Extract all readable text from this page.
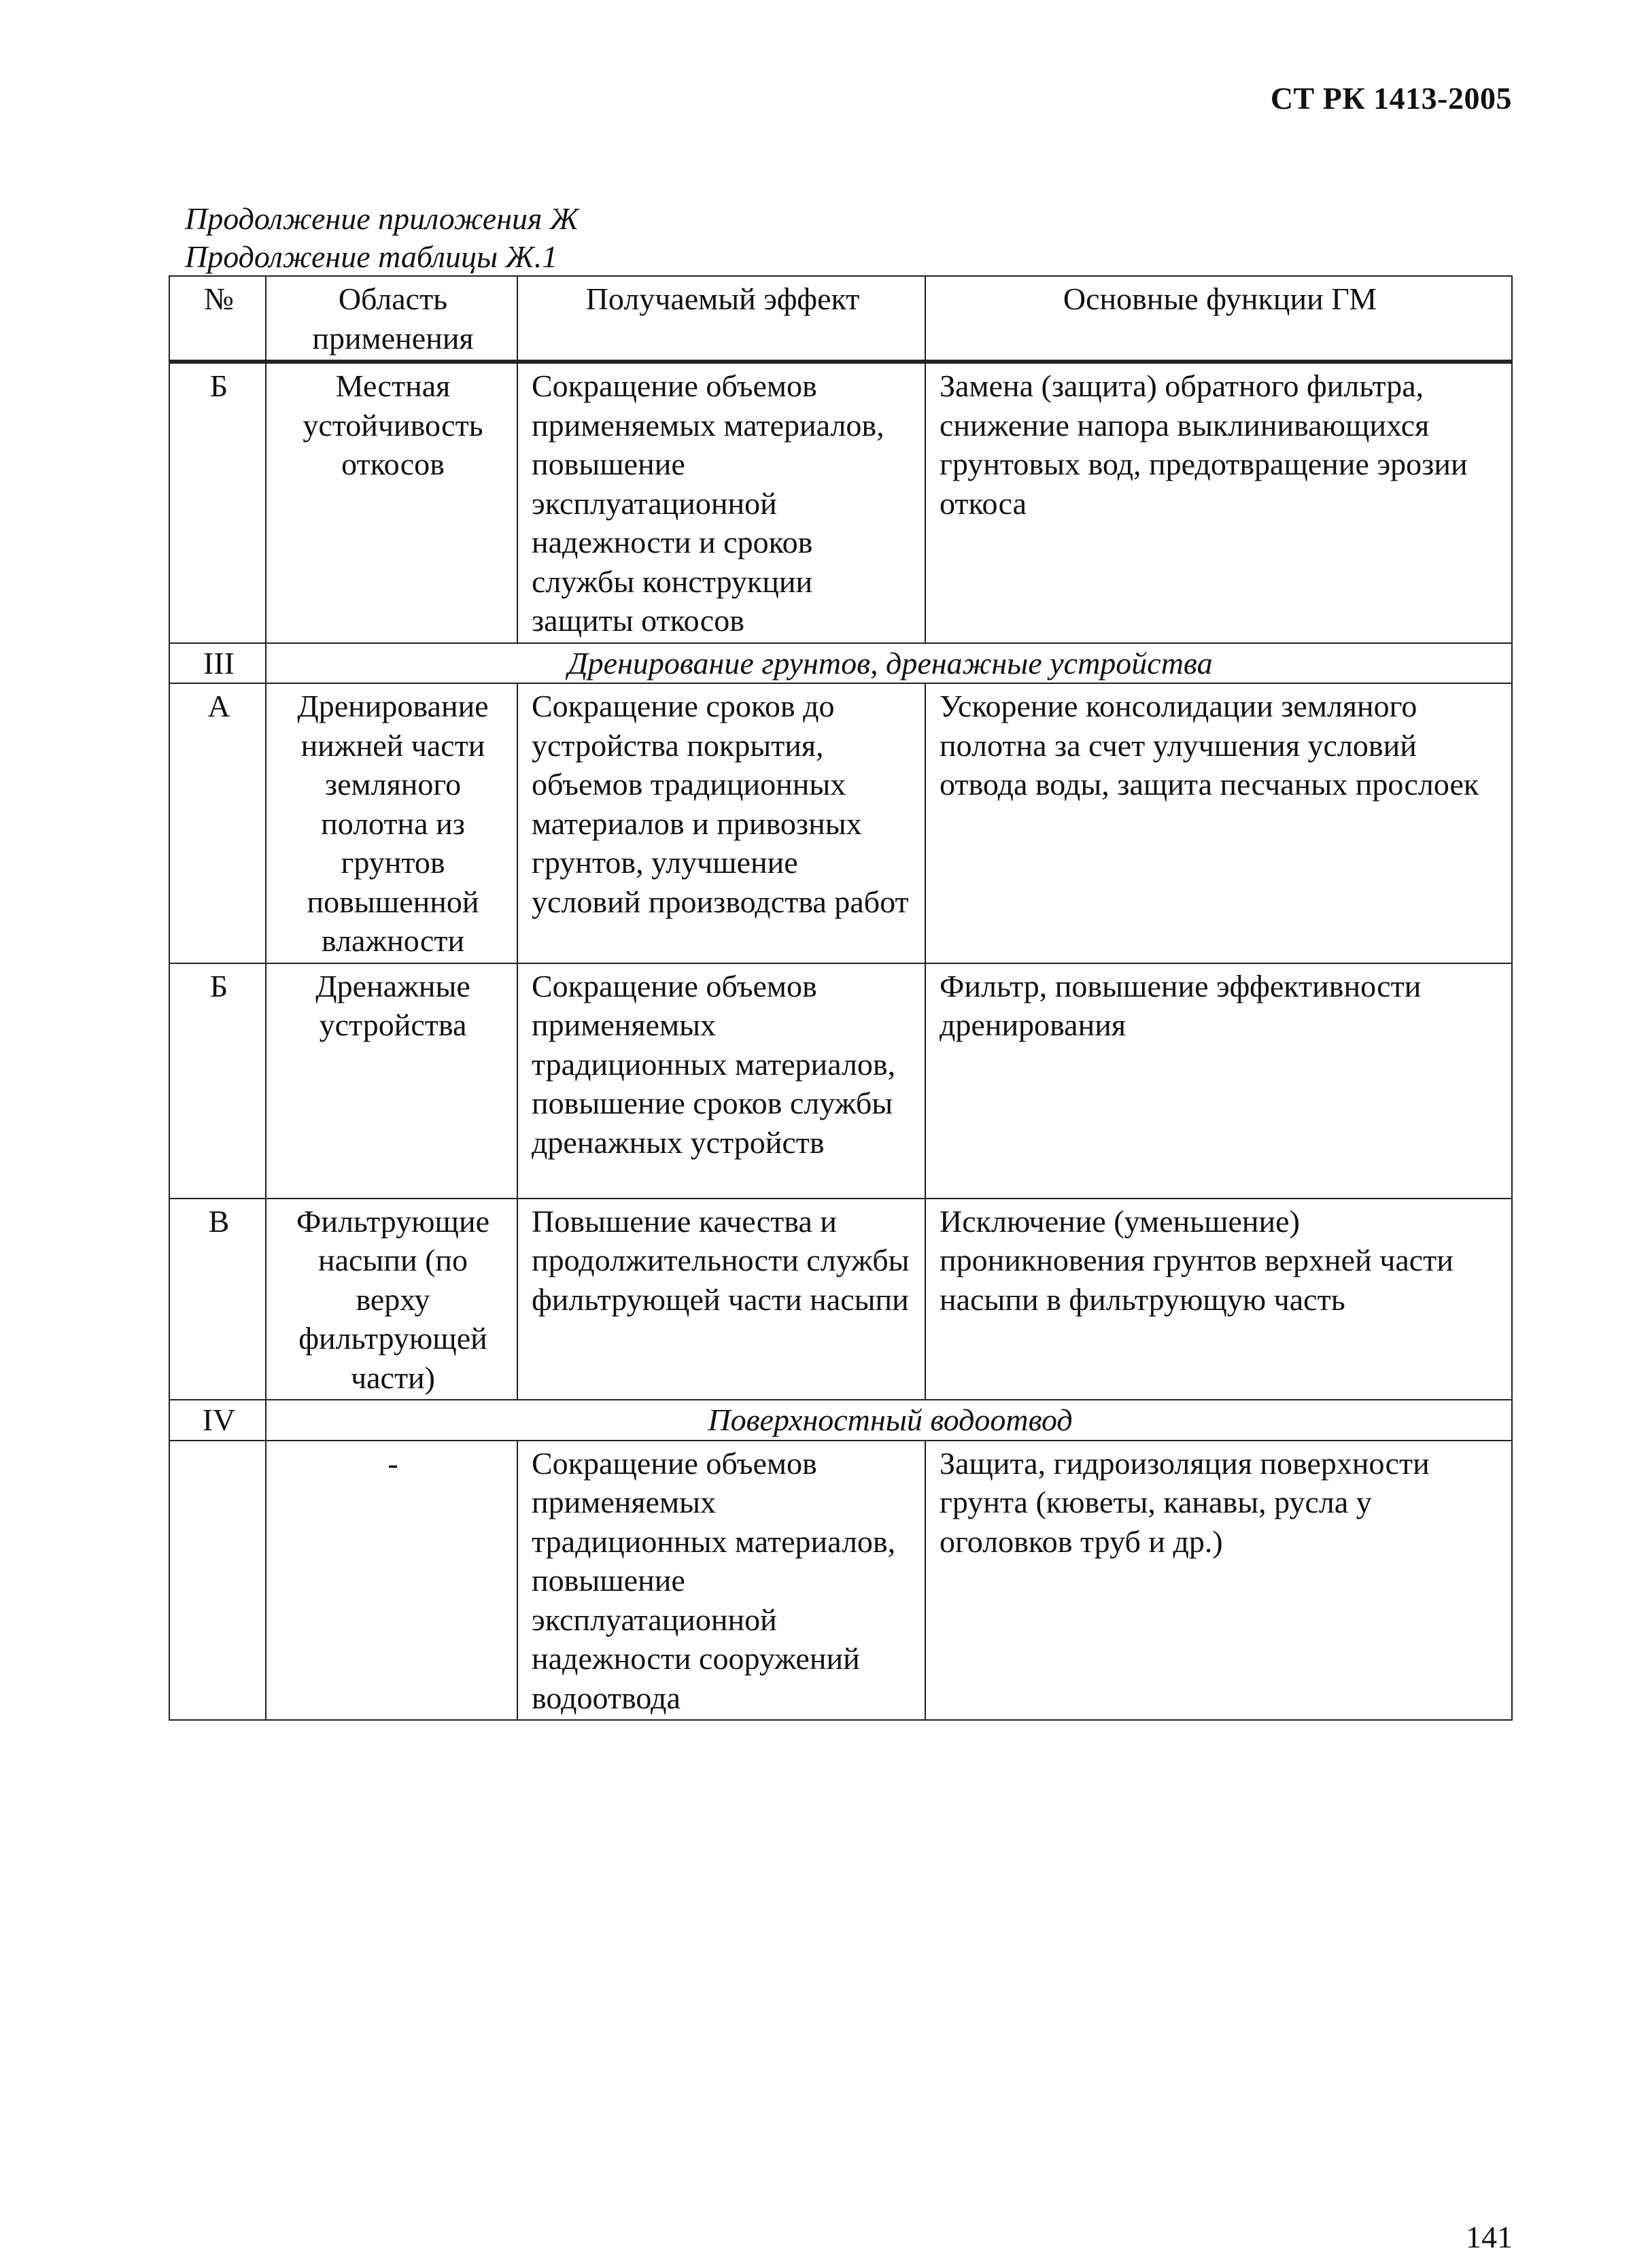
СТ РК 1413-2005
Продолжение приложения Ж
Продолжение таблицы Ж.1
№	Область применения	Получаемый эффект	Основные функции ГМ
Б	Местная устойчивость откосов	Сокращение объемов применяемых материалов, повышение эксплуатационной надежности и сроков службы конструкции защиты откосов	Замена (защита) обратного фильтра, снижение напора выклинивающихся грунтовых вод, предотвращение эрозии откоса
III	Дренирование грунтов, дренажные устройства		
А	Дренирование нижней части земляного полотна из грунтов повышенной влажности	Сокращение сроков до устройства покрытия, объемов традиционных материалов и привозных грунтов, улучшение условий производства работ	Ускорение консолидации земляного полотна за счет улучшения условий отвода воды, защита песчаных прослоек
Б	Дренажные устройства	Сокращение объемов применяемых традиционных материалов, повышение сроков службы дренажных устройств	Фильтр, повышение эффективности дренирования
В	Фильтрующие насыпи (по верху фильтрующей части)	Повышение качества и продолжительности службы фильтрующей части насыпи	Исключение (уменьшение) проникновения грунтов верхней части насыпи в фильтрующую часть
IV	Поверхностный водоотвод		
	-	Сокращение объемов применяемых традиционных материалов, повышение эксплуатационной надежности сооружений водоотвода	Защита, гидроизоляция поверхности грунта (кюветы, канавы, русла у оголовков труб и др.)
141
